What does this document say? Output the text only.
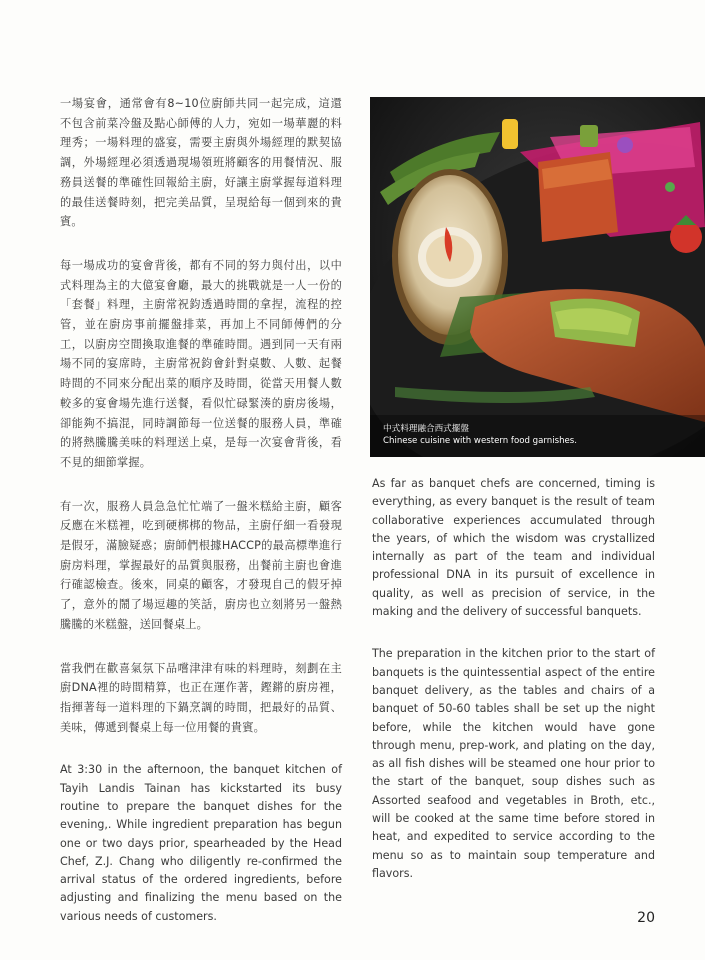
一場宴會，通常會有8~10位廚師共同一起完成，這還不包含前菜冷盤及點心師傅的人力，宛如一場華麗的料理秀；一場料理的盛宴，需要主廚與外場經理的默契協調，外場經理必須透過現場領班將顧客的用餐情況、服務員送餐的準確性回報給主廚，好讓主廚掌握每道料理的最佳送餐時刻，把完美品質，呈現給每一個到來的貴賓。

每一場成功的宴會背後，都有不同的努力與付出，以中式料理為主的大億宴會廳，最大的挑戰就是一人一份的「套餐」料理，主廚常祝鈞透過時間的拿捏，流程的控管，並在廚房事前擺盤排菜，再加上不同師傅們的分工，以廚房空間換取進餐的準確時間。遇到同一天有兩場不同的宴席時，主廚常祝鈞會針對桌數、人數、起餐時間的不同來分配出菜的順序及時間，從當天用餐人數較多的宴會場先進行送餐，看似忙碌緊湊的廚房後場，卻能夠不搞混，同時調節每一位送餐的服務人員，準確的將熱騰騰美味的料理送上桌，是每一次宴會背後，看不見的細節掌握。

有一次，服務人員急急忙忙端了一盤米糕給主廚，顧客反應在米糕裡，吃到硬梆梆的物品，主廚仔細一看發現是假牙，滿臉疑惑；廚師們根據HACCP的最高標準進行廚房料理，掌握最好的品質與服務，出餐前主廚也會進行確認檢查。後來，同桌的顧客，才發現自己的假牙掉了，意外的鬧了場逗趣的笑話，廚房也立刻將另一盤熱騰騰的米糕盤，送回餐桌上。

當我們在歡喜氣氛下品嚐津津有味的料理時，刻劃在主廚DNA裡的時間精算，也正在運作著，鏗鏘的廚房裡，指揮著每一道料理的下鍋烹調的時間，把最好的品質、美味，傳遞到餐桌上每一位用餐的貴賓。

At 3:30 in the afternoon, the banquet kitchen of Tayih Landis Tainan has kickstarted its busy routine to prepare the banquet dishes for the evening,. While ingredient preparation has begun one or two days prior, spearheaded by the Head Chef, Z.J. Chang who diligently re-confirmed the arrival status of the ordered ingredients, before adjusting and finalizing the menu based on the various needs of customers.

中式料理融合西式擺盤
Chinese cuisine with western food garnishes.

As far as banquet chefs are concerned, timing is everything, as every banquet is the result of team collaborative experiences accumulated through the years, of which the wisdom was crystallized internally as part of the team and individual professional DNA in its pursuit of excellence in quality, as well as precision of service, in the making and the delivery of successful banquets.

The preparation in the kitchen prior to the start of banquets is the quintessential aspect of the entire banquet delivery, as the tables and chairs of a banquet of 50-60 tables shall be set up the night before, while the kitchen would have gone through menu, prep-work, and plating on the day, as all fish dishes will be steamed one hour prior to the start of the banquet, soup dishes such as Assorted seafood and vegetables in Broth, etc., will be cooked at the same time before stored in heat, and expedited to service according to the menu so as to maintain soup temperature and flavors.

20
